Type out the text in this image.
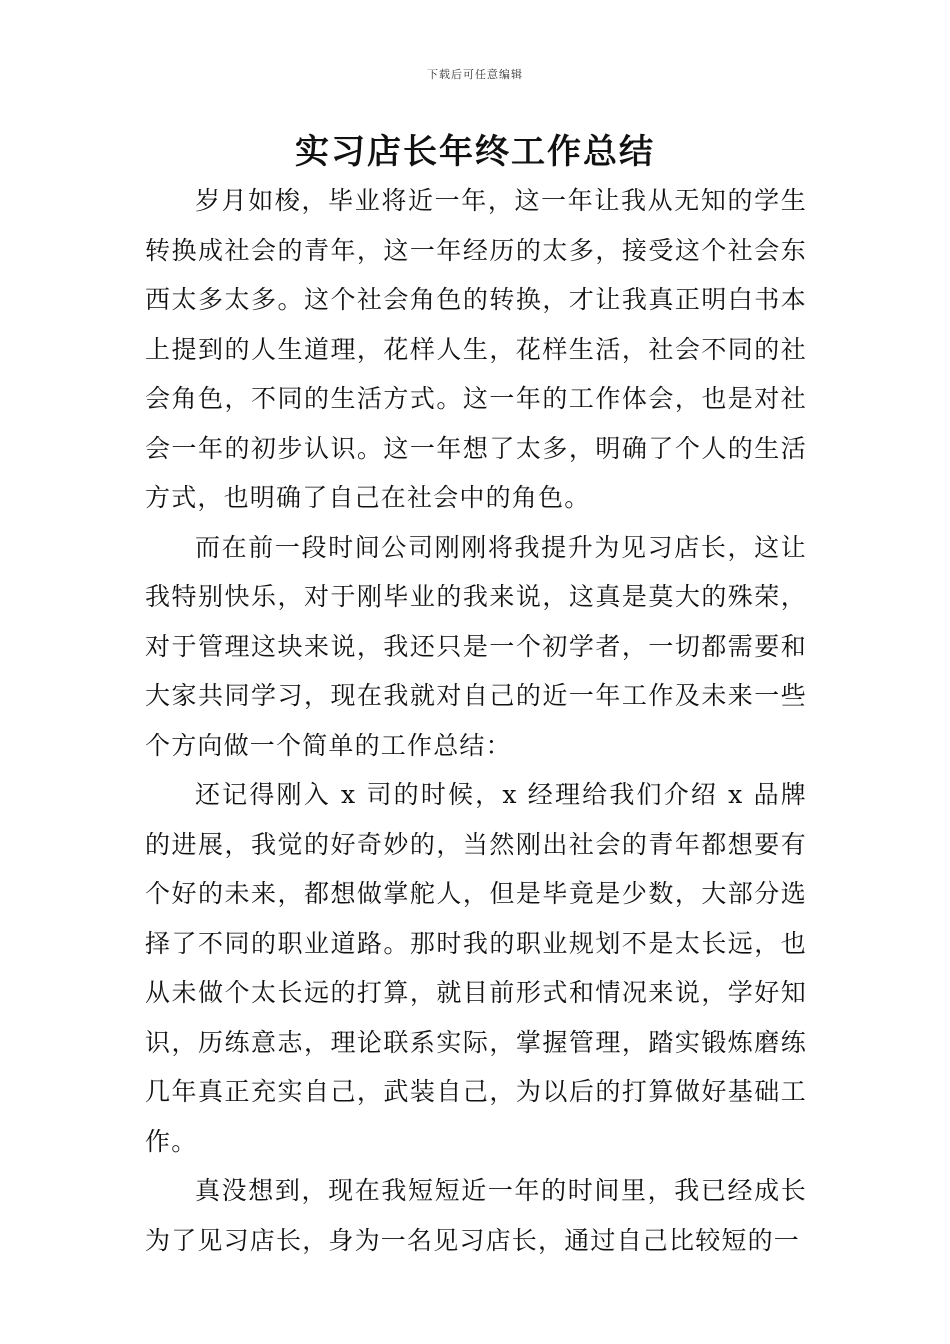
下载后可任意编辑
实习店长年终工作总结

岁月如梭，毕业将近一年，这一年让我从无知的学生转换成社会的青年，这一年经历的太多，接受这个社会东西太多太多。这个社会角色的转换，才让我真正明白书本上提到的人生道理，花样人生，花样生活，社会不同的社会角色，不同的生活方式。这一年的工作体会，也是对社会一年的初步认识。这一年想了太多，明确了个人的生活方式，也明确了自己在社会中的角色。

而在前一段时间公司刚刚将我提升为见习店长，这让我特别快乐，对于刚毕业的我来说，这真是莫大的殊荣，对于管理这块来说，我还只是一个初学者，一切都需要和大家共同学习，现在我就对自己的近一年工作及未来一些个方向做一个简单的工作总结：

还记得刚入 x 司的时候，x 经理给我们介绍 x 品牌的进展，我觉的好奇妙的，当然刚出社会的青年都想要有个好的未来，都想做掌舵人，但是毕竟是少数，大部分选择了不同的职业道路。那时我的职业规划不是太长远，也从未做个太长远的打算，就目前形式和情况来说，学好知识，历练意志，理论联系实际，掌握管理，踏实锻炼磨练几年真正充实自己，武装自己，为以后的打算做好基础工作。

真没想到，现在我短短近一年的时间里，我已经成长为了见习店长，身为一名见习店长，通过自己比较短的一
